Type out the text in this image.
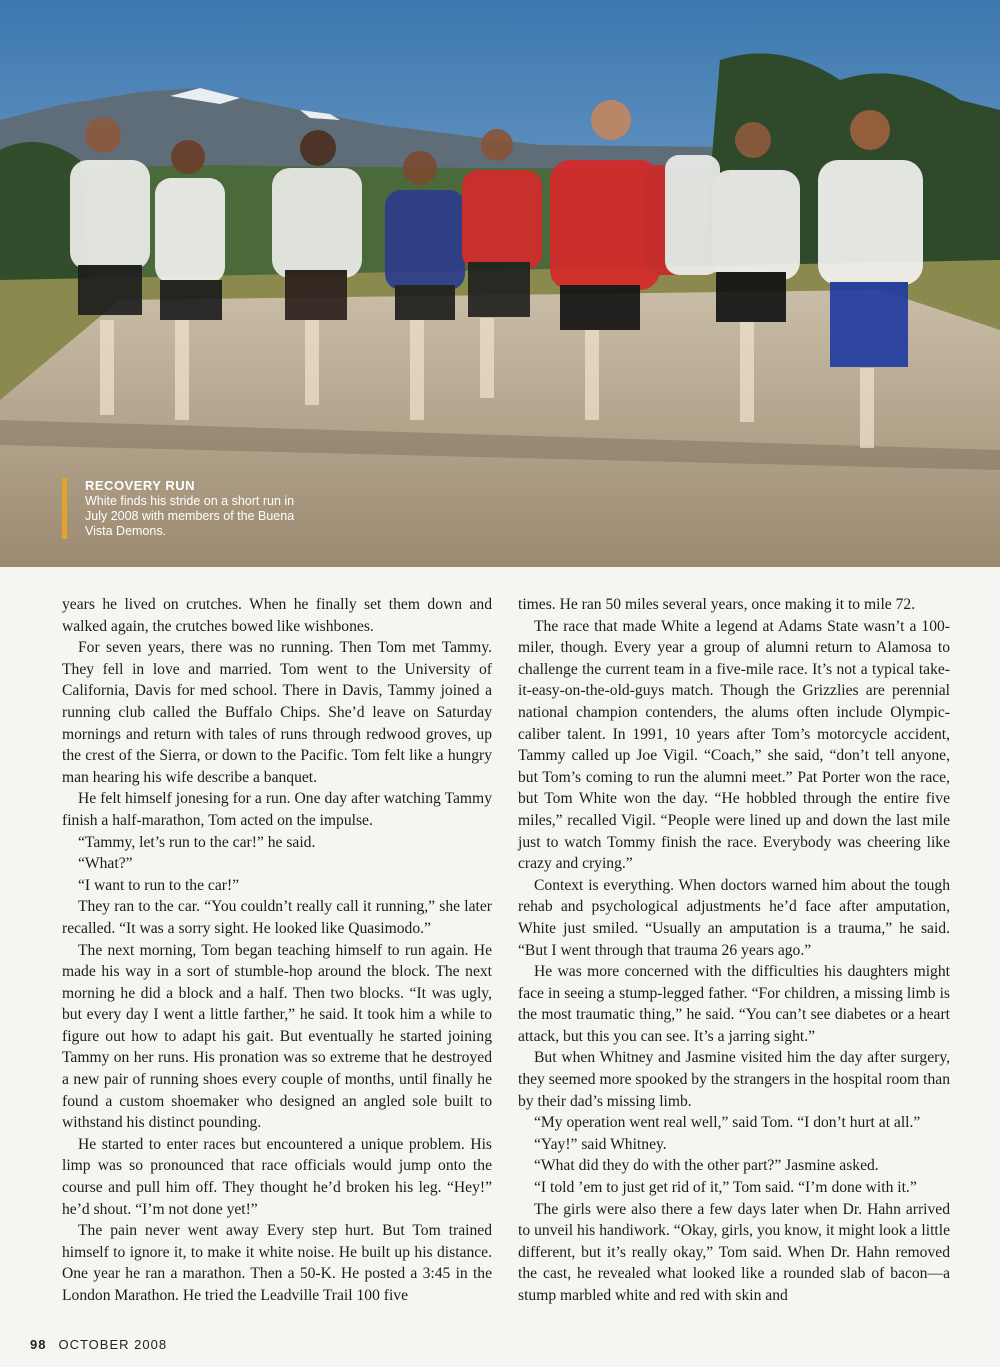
RECOVERY RUN
White finds his stride on a short run in July 2008 with members of the Buena Vista Demons.

years he lived on crutches. When he finally set them down and walked again, the crutches bowed like wishbones.

For seven years, there was no running. Then Tom met Tammy. They fell in love and married. Tom went to the University of California, Davis for med school. There in Davis, Tammy joined a running club called the Buffalo Chips. She’d leave on Saturday mornings and return with tales of runs through redwood groves, up the crest of the Sierra, or down to the Pacific. Tom felt like a hungry man hearing his wife describe a banquet.

He felt himself jonesing for a run. One day after watching Tammy finish a half-marathon, Tom acted on the impulse.

“Tammy, let’s run to the car!” he said.

“What?”

“I want to run to the car!”

They ran to the car. “You couldn’t really call it running,” she later recalled. “It was a sorry sight. He looked like Quasimodo.”

The next morning, Tom began teaching himself to run again. He made his way in a sort of stumble-hop around the block. The next morning he did a block and a half. Then two blocks. “It was ugly, but every day I went a little farther,” he said. It took him a while to figure out how to adapt his gait. But eventually he started joining Tammy on her runs. His pronation was so extreme that he destroyed a new pair of running shoes every couple of months, until finally he found a custom shoemaker who designed an angled sole built to withstand his distinct pounding.

He started to enter races but encountered a unique problem. His limp was so pronounced that race officials would jump onto the course and pull him off. They thought he’d broken his leg. “Hey!” he’d shout. “I’m not done yet!”

The pain never went away Every step hurt. But Tom trained himself to ignore it, to make it white noise. He built up his distance. One year he ran a marathon. Then a 50-K. He posted a 3:45 in the London Marathon. He tried the Leadville Trail 100 five

times. He ran 50 miles several years, once making it to mile 72.

The race that made White a legend at Adams State wasn’t a 100-miler, though. Every year a group of alumni return to Alamosa to challenge the current team in a five-mile race. It’s not a typical take-it-easy-on-the-old-guys match. Though the Grizzlies are perennial national champion contenders, the alums often include Olympic-caliber talent. In 1991, 10 years after Tom’s motorcycle accident, Tammy called up Joe Vigil. “Coach,” she said, “don’t tell anyone, but Tom’s coming to run the alumni meet.” Pat Porter won the race, but Tom White won the day. “He hobbled through the entire five miles,” recalled Vigil. “People were lined up and down the last mile just to watch Tommy finish the race. Everybody was cheering like crazy and crying.”

Context is everything. When doctors warned him about the tough rehab and psychological adjustments he’d face after amputation, White just smiled. “Usually an amputation is a trauma,” he said. “But I went through that trauma 26 years ago.”

He was more concerned with the difficulties his daughters might face in seeing a stump-legged father. “For children, a missing limb is the most traumatic thing,” he said. “You can’t see diabetes or a heart attack, but this you can see. It’s a jarring sight.”

But when Whitney and Jasmine visited him the day after surgery, they seemed more spooked by the strangers in the hospital room than by their dad’s missing limb.

“My operation went real well,” said Tom. “I don’t hurt at all.”

“Yay!” said Whitney.

“What did they do with the other part?” Jasmine asked.

“I told ’em to just get rid of it,” Tom said. “I’m done with it.”

The girls were also there a few days later when Dr. Hahn arrived to unveil his handiwork. “Okay, girls, you know, it might look a little different, but it’s really okay,” Tom said. When Dr. Hahn removed the cast, he revealed what looked like a rounded slab of bacon—a stump marbled white and red with skin and

98 OCTOBER 2008
